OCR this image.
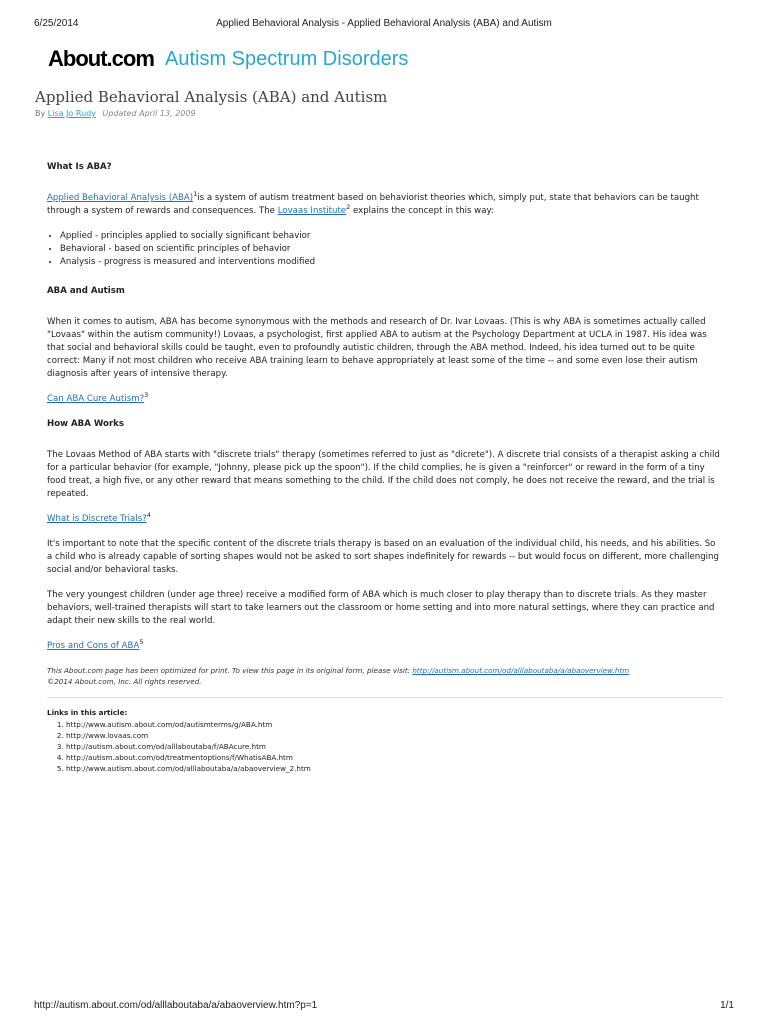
6/25/2014	Applied Behavioral Analysis - Applied Behavioral Analysis (ABA) and Autism
About.com Autism Spectrum Disorders
Applied Behavioral Analysis (ABA) and Autism
By Lisa Jo Rudy Updated April 13, 2009
What Is ABA?

Applied Behavioral Analysis (ABA)$^1$is a system of autism treatment based on behaviorist theories which, simply put, state that behaviors can be taught through a system of rewards and consequences. The Lovaas Institute$^2$ explains the concept in this way:

• Applied - principles applied to socially significant behavior
• Behavioral - based on scientific principles of behavior
• Analysis - progress is measured and interventions modified
ABA and Autism

When it comes to autism, ABA has become synonymous with the methods and research of Dr. Ivar Lovaas. (This is why ABA is sometimes actually called "Lovaas" within the autism community!) Lovaas, a psychologist, first applied ABA to autism at the Psychology Department at UCLA in 1987. His idea was that social and behavioral skills could be taught, even to profoundly autistic children, through the ABA method. Indeed, his idea turned out to be quite correct: Many if not most children who receive ABA training learn to behave appropriately at least some of the time -- and some even lose their autism diagnosis after years of intensive therapy.

Can ABA Cure Autism?$^3$

How ABA Works

The Lovaas Method of ABA starts with "discrete trials" therapy (sometimes referred to just as "dicrete"). A discrete trial consists of a therapist asking a child for a particular behavior (for example, "Johnny, please pick up the spoon"). If the child complies, he is given a "reinforcer" or reward in the form of a tiny food treat, a high five, or any other reward that means something to the child. If the child does not comply, he does not receive the reward, and the trial is repeated.

What is Discrete Trials?$^4$

It's important to note that the specific content of the discrete trials therapy is based on an evaluation of the individual child, his needs, and his abilities. So a child who is already capable of sorting shapes would not be asked to sort shapes indefinitely for rewards -- but would focus on different, more challenging social and/or behavioral tasks.

The very youngest children (under age three) receive a modified form of ABA which is much closer to play therapy than to discrete trials. As they master behaviors, well-trained therapists will start to take learners out the classroom or home setting and into more natural settings, where they can practice and adapt their new skills to the real world.

Pros and Cons of ABA$^5$

This About.com page has been optimized for print. To view this page in its original form, please visit: http://autism.about.com/od/alllaboutaba/a/abaoverview.htm
©2014 About.com, Inc. All rights reserved.
Links in this article:
1. http://www.autism.about.com/od/autismterms/g/ABA.htm
2. http://www.lovaas.com
3. http://autism.about.com/od/alllaboutaba/f/ABAcure.htm
4. http://autism.about.com/od/treatmentoptions/f/WhatisABA.htm
5. http://www.autism.about.com/od/alllaboutaba/a/abaoverview_2.htm
http://autism.about.com/od/alllaboutaba/a/abaoverview.htm?p=1	1/1
